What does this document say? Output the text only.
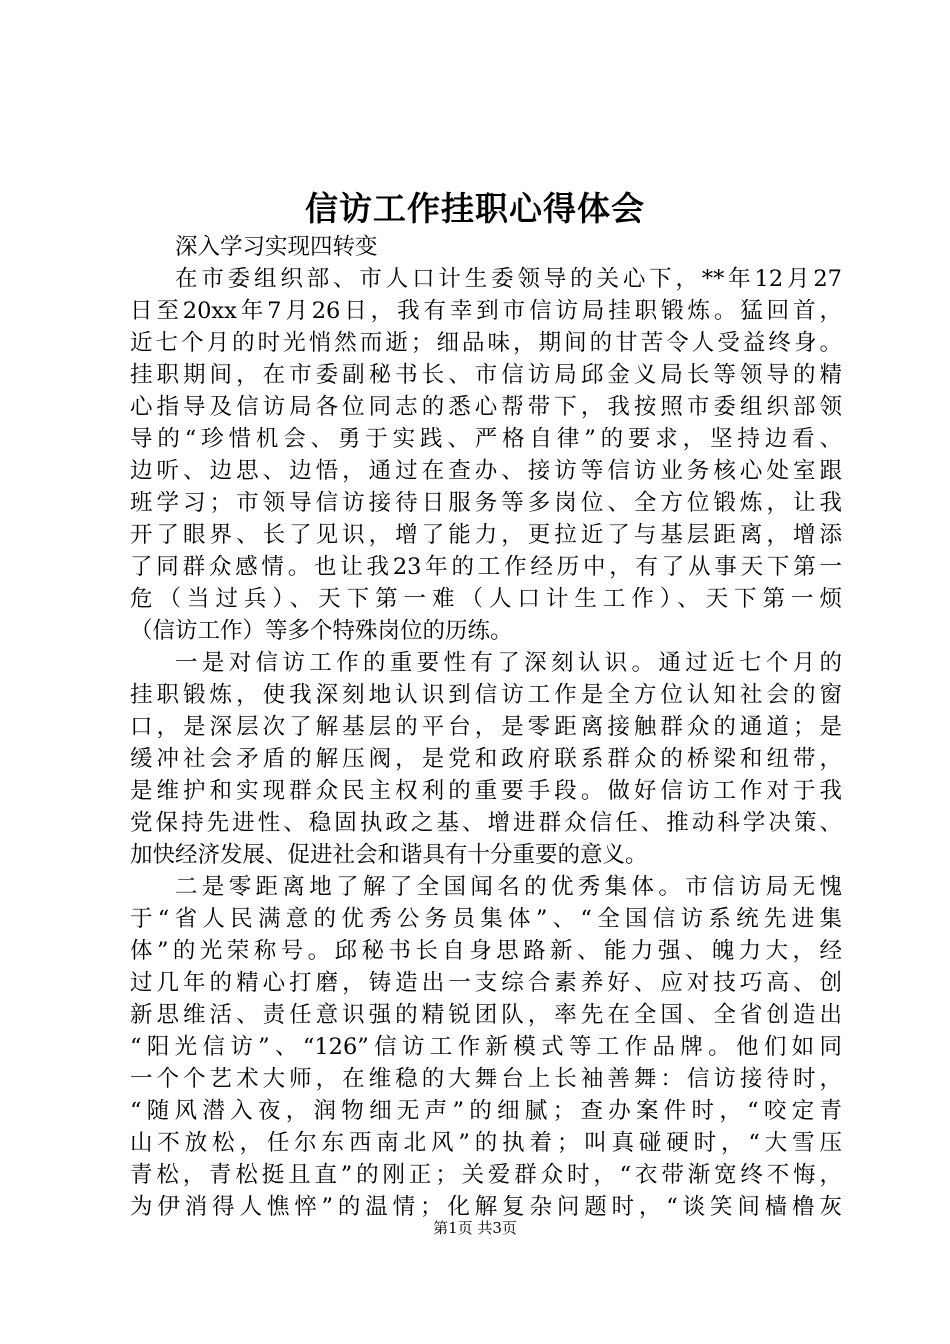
信访工作挂职心得体会
深入学习实现四转变
在市委组织部、市人口计生委领导的关心下，**年12月27
日至20xx年7月26日，我有幸到市信访局挂职锻炼。猛回首，
近七个月的时光悄然而逝；细品味，期间的甘苦令人受益终身。
挂职期间，在市委副秘书长、市信访局邱金义局长等领导的精
心指导及信访局各位同志的悉心帮带下，我按照市委组织部领
导的“珍惜机会、勇于实践、严格自律”的要求，坚持边看、
边听、边思、边悟，通过在查办、接访等信访业务核心处室跟
班学习；市领导信访接待日服务等多岗位、全方位锻炼，让我
开了眼界、长了见识，增了能力，更拉近了与基层距离，增添
了同群众感情。也让我23年的工作经历中，有了从事天下第一
危（当过兵）、天下第一难（人口计生工作）、天下第一烦
（信访工作）等多个特殊岗位的历练。
一是对信访工作的重要性有了深刻认识。通过近七个月的
挂职锻炼，使我深刻地认识到信访工作是全方位认知社会的窗
口，是深层次了解基层的平台，是零距离接触群众的通道；是
缓冲社会矛盾的解压阀，是党和政府联系群众的桥梁和纽带，
是维护和实现群众民主权利的重要手段。做好信访工作对于我
党保持先进性、稳固执政之基、增进群众信任、推动科学决策、
加快经济发展、促进社会和谐具有十分重要的意义。
二是零距离地了解了全国闻名的优秀集体。市信访局无愧
于“省人民满意的优秀公务员集体”、“全国信访系统先进集
体”的光荣称号。邱秘书长自身思路新、能力强、魄力大，经
过几年的精心打磨，铸造出一支综合素养好、应对技巧高、创
新思维活、责任意识强的精锐团队，率先在全国、全省创造出
“阳光信访”、“126”信访工作新模式等工作品牌。他们如同
一个个艺术大师，在维稳的大舞台上长袖善舞：信访接待时，
“随风潜入夜，润物细无声”的细腻；查办案件时，“咬定青
山不放松，任尔东西南北风”的执着；叫真碰硬时，“大雪压
青松，青松挺且直”的刚正；关爱群众时，“衣带渐宽终不悔，
为伊消得人憔悴”的温情；化解复杂问题时，“谈笑间樯橹灰
第1页 共3页
